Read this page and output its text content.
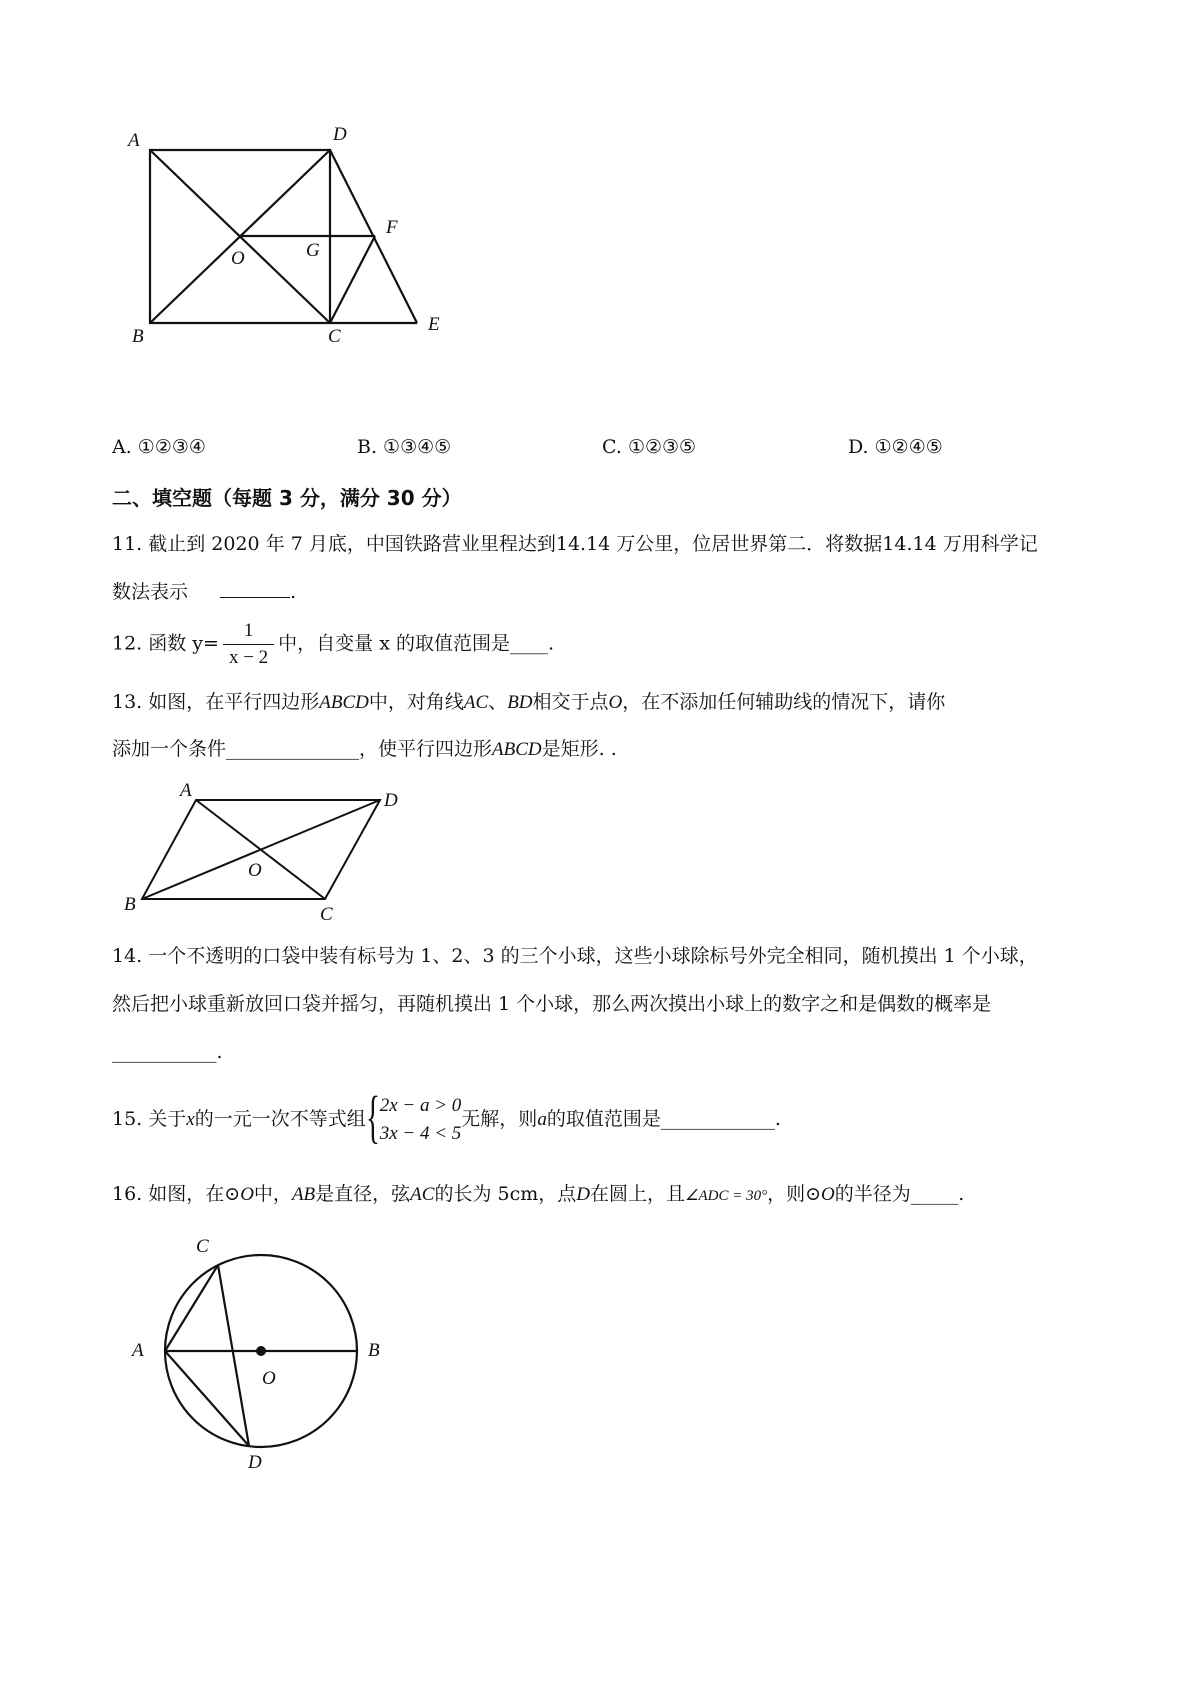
A	D
F
O	G
B	C
E
A. ①②③④	B. ①③④⑤	C. ①②③⑤	D. ①②④⑤
二、填空题（每题 3 分，满分 30 分）
11. 截止到 2020 年 7 月底，中国铁路营业里程达到14.14 万公里，位居世界第二．将数据14.14 万用科学记
数法表示	.
12. 函数 $y= \frac{1}{x - 2}$ 中，自变量 x 的取值范围是____.
13. 如图，在平行四边形ABCD中，对角线AC、BD相交于点O，在不添加任何辅助线的情况下，请你
添加一个条件______________，使平行四边形ABCD是矩形. .
A	D
O
B	C
14. 一个不透明的口袋中装有标号为 1、2、3 的三个小球，这些小球除标号外完全相同，随机摸出 1 个小球，
然后把小球重新放回口袋并摇匀，再随机摸出 1 个小球，那么两次摸出小球上的数字之和是偶数的概率是
___________.
15. 关于x的一元一次不等式组 { 2x − a > 0
3x − 4 < 5
无解，则a的取值范围是____________.
16. 如图，在⊙O中，AB是直径，弦AC的长为 5cm，点D在圆上，且∠ADC = 30°，则⊙O的半径为_____.
C
A
O
B
D
